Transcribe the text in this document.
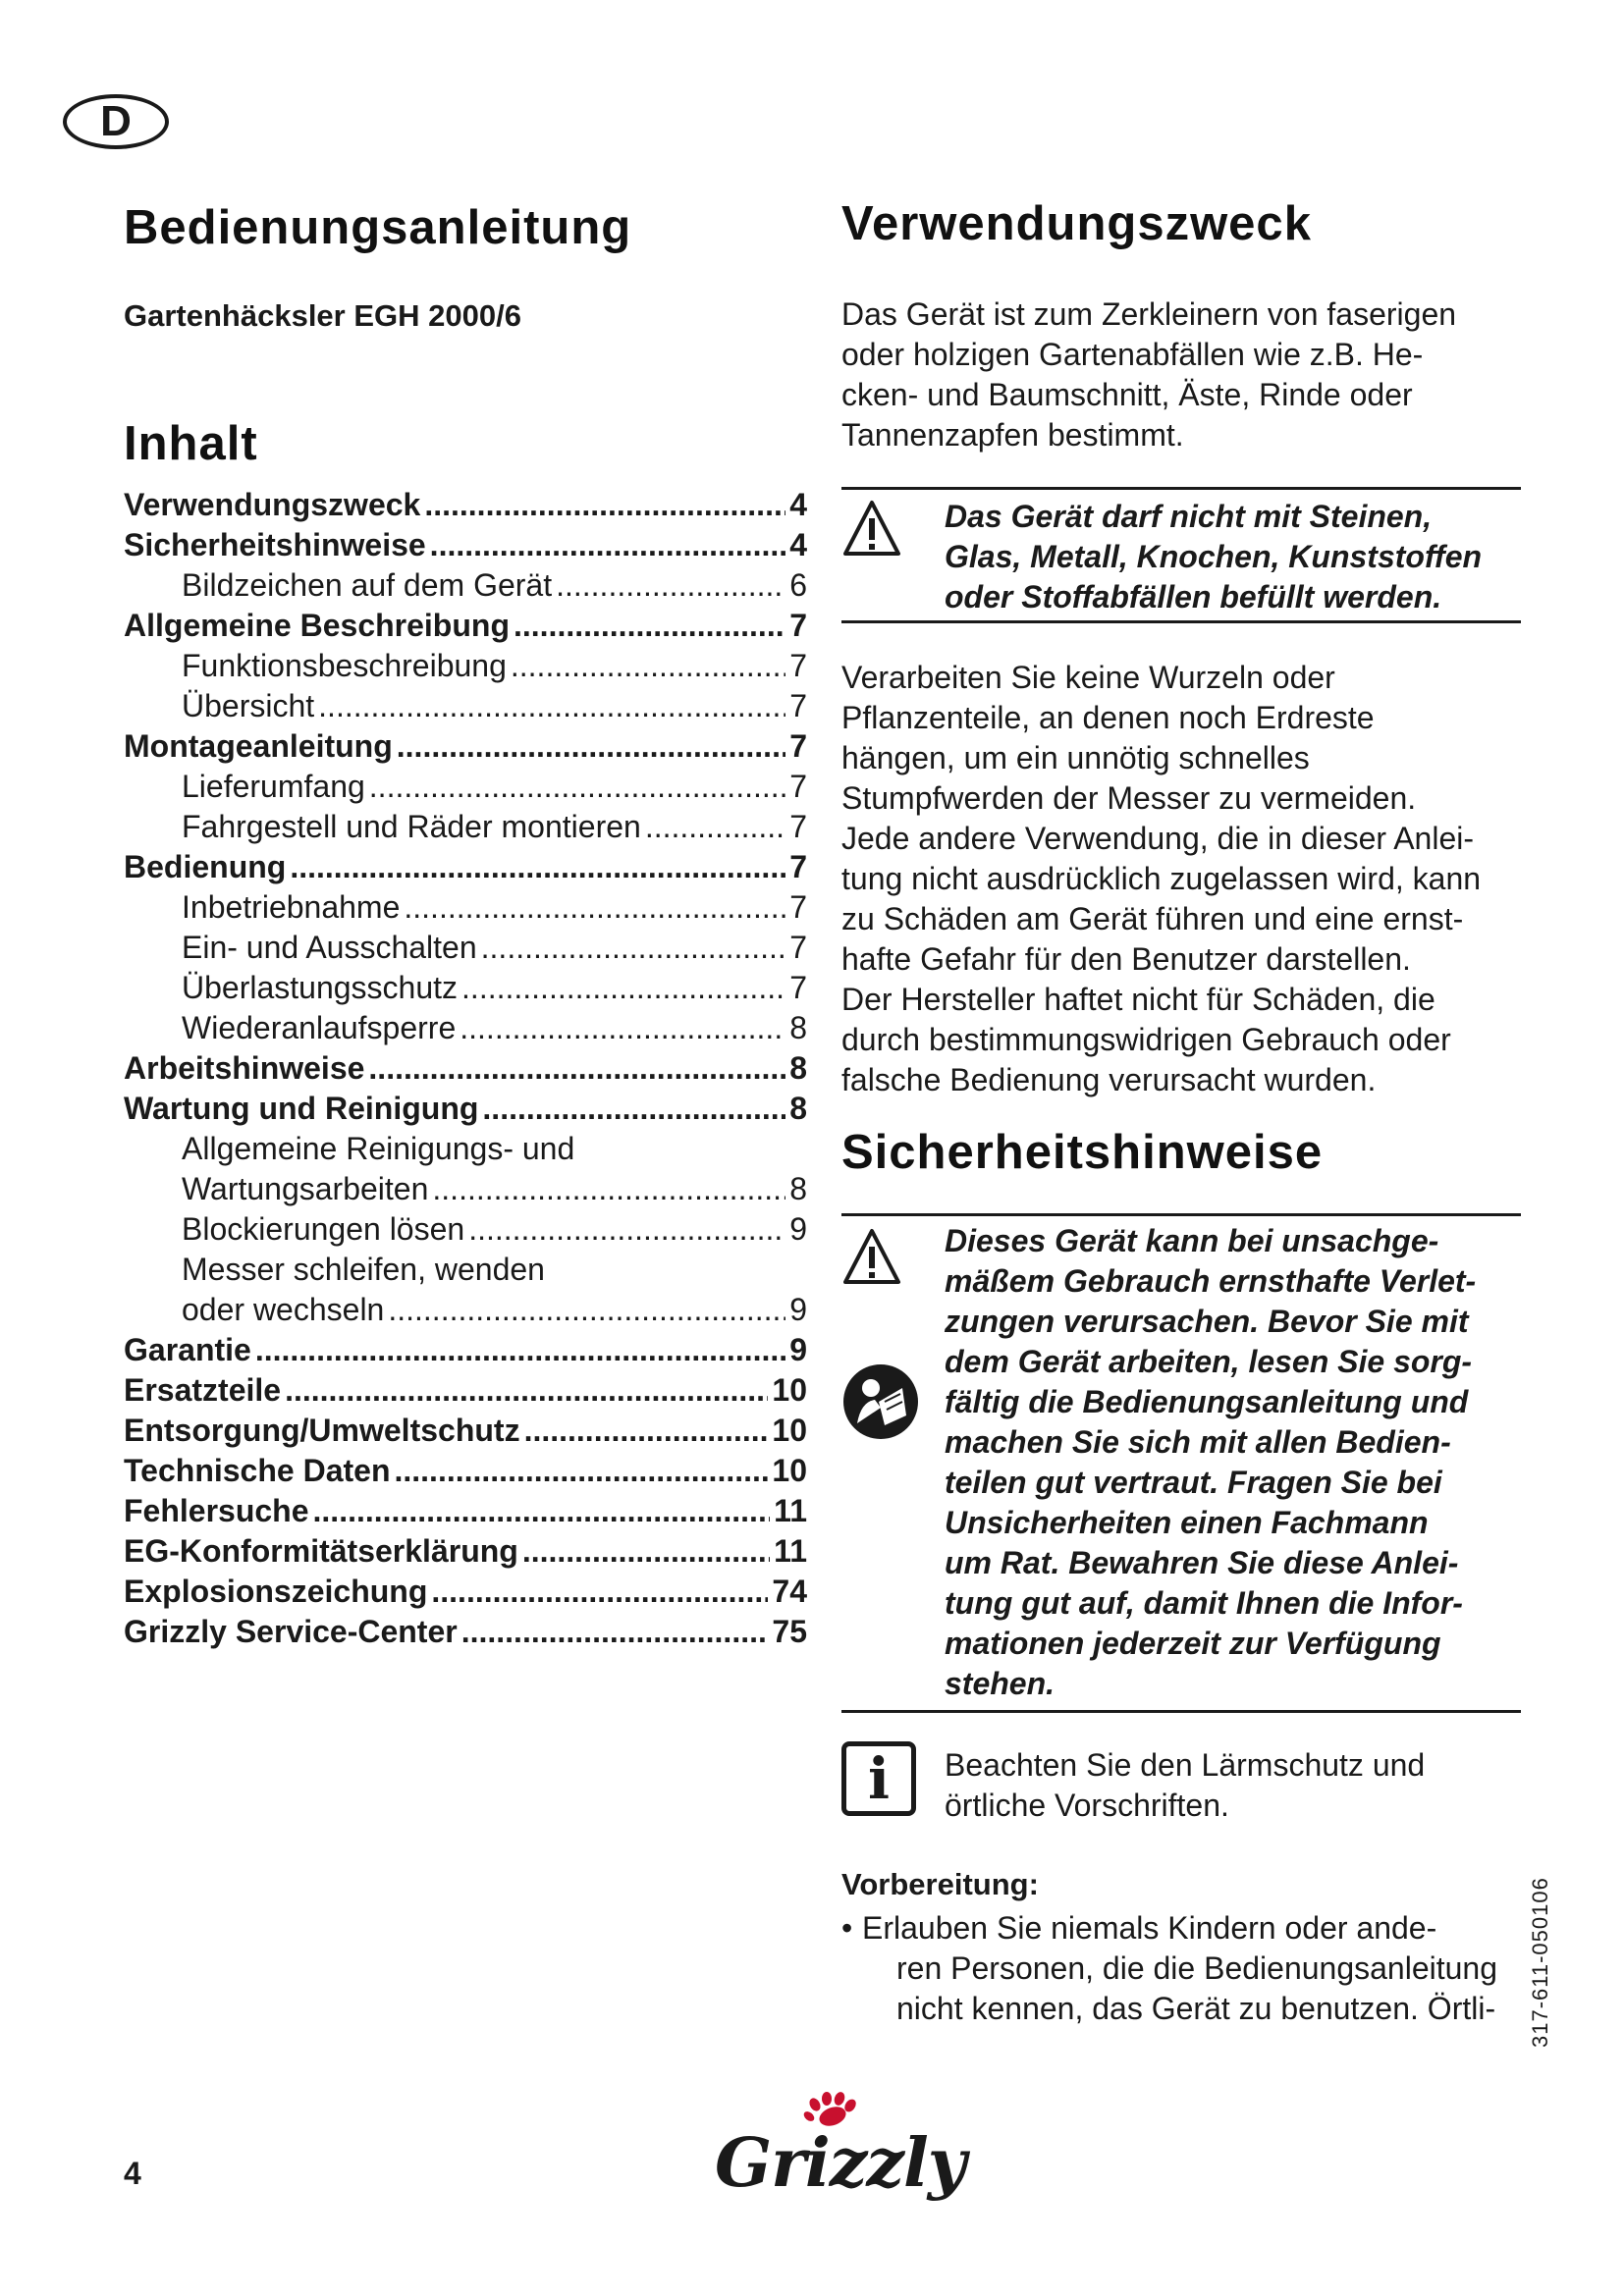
D
Bedienungsanleitung
Gartenhäcksler EGH 2000/6
Inhalt
Verwendungszweck .....	4
Sicherheitshinweise .....	4
Bildzeichen auf dem Gerät .....	6
Allgemeine Beschreibung .....	7
Funktionsbeschreibung .....	7
Übersicht .....	7
Montageanleitung .....	7
Lieferumfang .....	7
Fahrgestell und Räder montieren .....	7
Bedienung .....	7
Inbetriebnahme .....	7
Ein- und Ausschalten .....	7
Überlastungsschutz .....	7
Wiederanlaufsperre .....	8
Arbeitshinweise .....	8
Wartung und Reinigung .....	8
Allgemeine Reinigungs- und
Wartungsarbeiten .....	8
Blockierungen lösen .....	9
Messer schleifen, wenden
oder wechseln .....	9
Garantie .....	9
Ersatzteile .....	10
Entsorgung/Umweltschutz .....	10
Technische Daten .....	10
Fehlersuche .....	11
EG-Konformitätserklärung .....	11
Explosionszeichung .....	74
Grizzly Service-Center .....	75
Verwendungszweck
Das Gerät ist zum Zerkleinern von faserigen
oder holzigen Gartenabfällen wie z.B. He-
cken- und Baumschnitt, Äste, Rinde oder
Tannenzapfen bestimmt.
Das Gerät darf nicht mit Steinen,
Glas, Metall, Knochen, Kunststoffen
oder Stoffabfällen befüllt werden.
Verarbeiten Sie keine Wurzeln oder
Pflanzenteile, an denen noch Erdreste
hängen, um ein unnötig schnelles
Stumpfwerden der Messer zu vermeiden.
Jede andere Verwendung, die in dieser Anlei-
tung nicht ausdrücklich zugelassen wird, kann
zu Schäden am Gerät führen und eine ernst-
hafte Gefahr für den Benutzer darstellen.
Der Hersteller haftet nicht für Schäden, die
durch bestimmungswidrigen Gebrauch oder
falsche Bedienung verursacht wurden.
Sicherheitshinweise
Dieses Gerät kann bei unsachge-
mäßem Gebrauch ernsthafte Verlet-
zungen verursachen. Bevor Sie mit
dem Gerät arbeiten, lesen Sie sorg-
fältig die Bedienungsanleitung und
machen Sie sich mit allen Bedien-
teilen gut vertraut. Fragen Sie bei
Unsicherheiten einen Fachmann
um Rat. Bewahren Sie diese Anlei-
tung gut auf, damit Ihnen die Infor-
mationen jederzeit zur Verfügung
stehen.
i	Beachten Sie den Lärmschutz und
örtliche Vorschriften.
Vorbereitung:
• Erlauben Sie niemals Kindern oder ande-
ren Personen, die die Bedienungsanleitung
nicht kennen, das Gerät zu benutzen. Örtli-
4
317-611-050106
Grizzly
